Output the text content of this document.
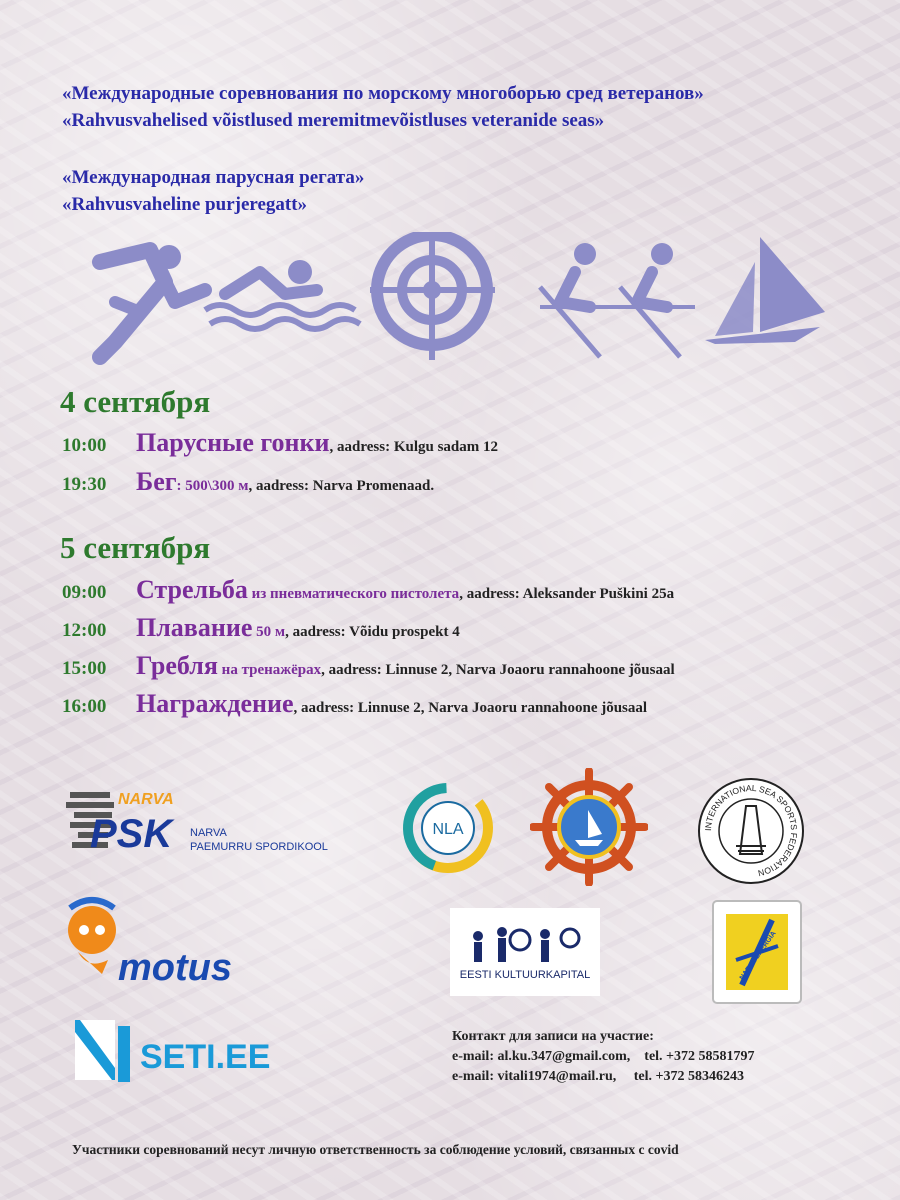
«Международные соревнования по морскому многоборью сред ветеранов»
«Rahvusvahelised võistlused meremitmevõistluses veteranide seas»
«Международная парусная регата»
«Rahvusvaheline purjeregatt»
4 сентября
10:00 Парусные гонки, aadress: Kulgu sadam 12
19:30 Бег: 500\300 м, aadress: Narva Promenaad.
5 сентября
09:00 Стрельба из пневматического пистолета, aadress: Aleksander Puškini 25a
12:00 Плавание 50 м, aadress: Võidu prospekt 4
15:00 Гребля на тренажёрах, aadress: Linnuse 2, Narva Joaoru rannahoone jõusaal
16:00 Награждение, aadress: Linnuse 2, Narva Joaoru rannahoone jõusaal
NARVA
PSK NARVA
PAEMURRU SPORDIKOOL
NLA	INTERNATIONAL SEA SPORTS FEDERATION
motus	EESTI KULTUURKAPITAL	NARVA ENERGIA
SETI.EE
Контакт для записи на участие:
e-mail: al.ku.347@gmail.com,    tel. +372 58581797
e-mail: vitali1974@mail.ru,     tel. +372 58346243
Участники соревнований несут личную ответственность за соблюдение условий, связанных с covid
